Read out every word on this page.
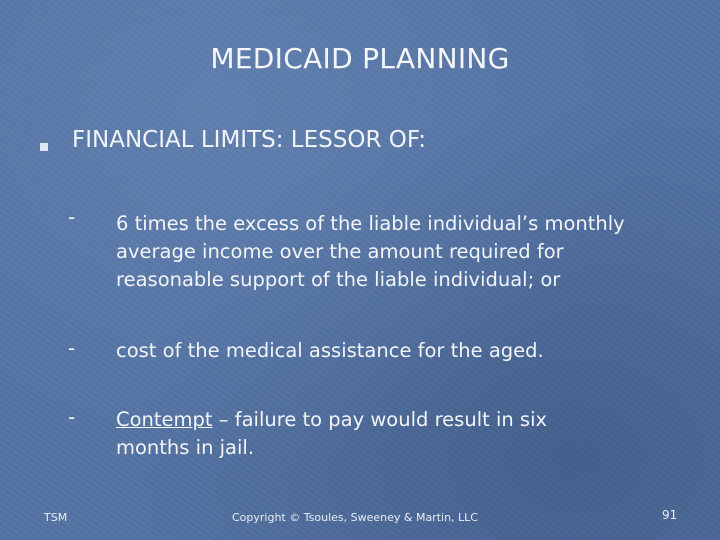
MEDICAID PLANNING
FINANCIAL LIMITS: LESSOR OF:
- 6 times the excess of the liable individual’s monthly average income over the amount required for reasonable support of the liable individual; or
- cost of the medical assistance for the aged.
- Contempt – failure to pay would result in six months in jail.
TSM	Copyright © Tsoules, Sweeney & Martin, LLC	91
